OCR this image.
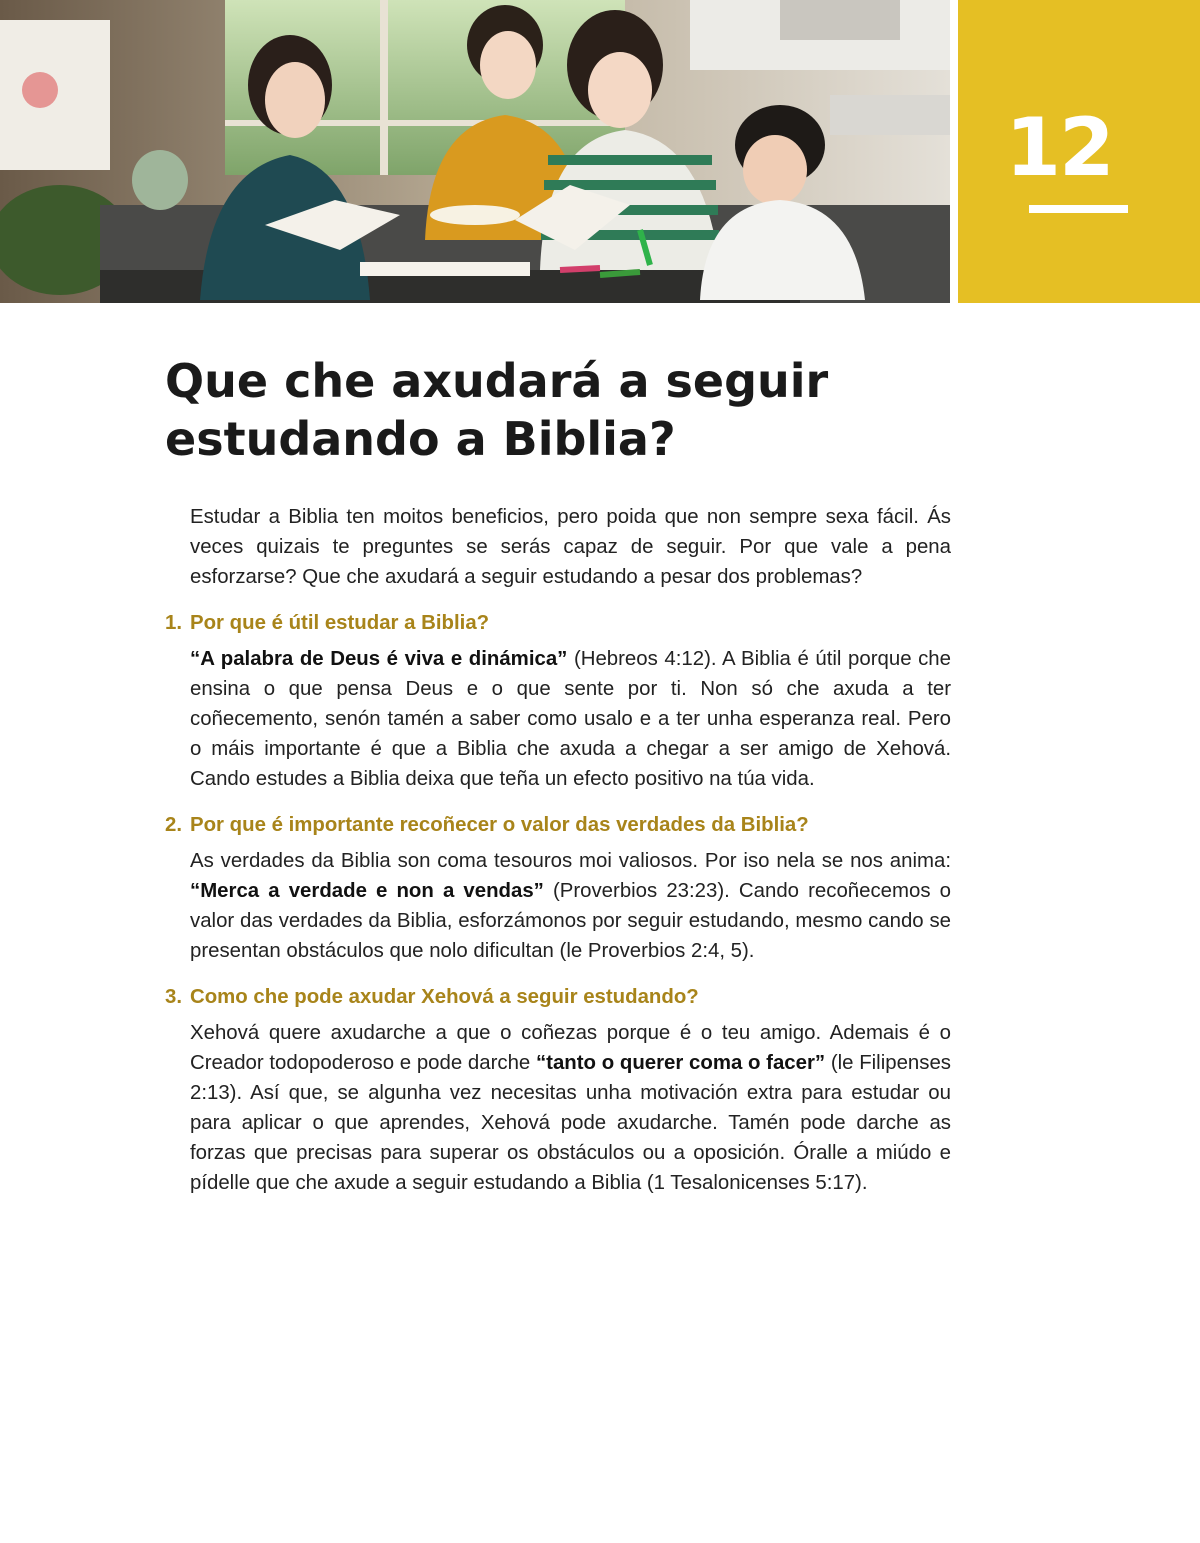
12
Que che axudará a seguir
estudando a Biblia?

Estudar a Biblia ten moitos beneficios, pero poida que non sempre sexa fácil. Ás veces quizais te preguntes se serás capaz de seguir. Por que vale a pena esforzarse? Que che axudará a seguir estudando a pesar dos problemas?

1. Por que é útil estudar a Biblia?

“A palabra de Deus é viva e dinámica” (Hebreos 4:12). A Biblia é útil porque che ensina o que pensa Deus e o que sente por ti. Non só che axuda a ter coñecemento, senón tamén a saber como usalo e a ter unha esperanza real. Pero o máis importante é que a Biblia che axuda a chegar a ser amigo de Xehová. Cando estudes a Biblia deixa que teña un efecto positivo na túa vida.

2. Por que é importante recoñecer o valor das verdades da Biblia?

As verdades da Biblia son coma tesouros moi valiosos. Por iso nela se nos anima: “Merca a verdade e non a vendas” (Proverbios 23:23). Cando recoñecemos o valor das verdades da Biblia, esforzámonos por seguir estudando, mesmo cando se presentan obstáculos que nolo dificultan (le Proverbios 2:4, 5).

3. Como che pode axudar Xehová a seguir estudando?

Xehová quere axudarche a que o coñezas porque é o teu amigo. Ademais é o Creador todopoderoso e pode darche “tanto o querer coma o facer” (le Filipenses 2:13). Así que, se algunha vez necesitas unha motivación extra para estudar ou para aplicar o que aprendes, Xehová pode axudarche. Tamén pode darche as forzas que precisas para superar os obstáculos ou a oposición. Óralle a miúdo e pídelle que che axude a seguir estudando a Biblia (1 Tesalonicenses 5:17).
